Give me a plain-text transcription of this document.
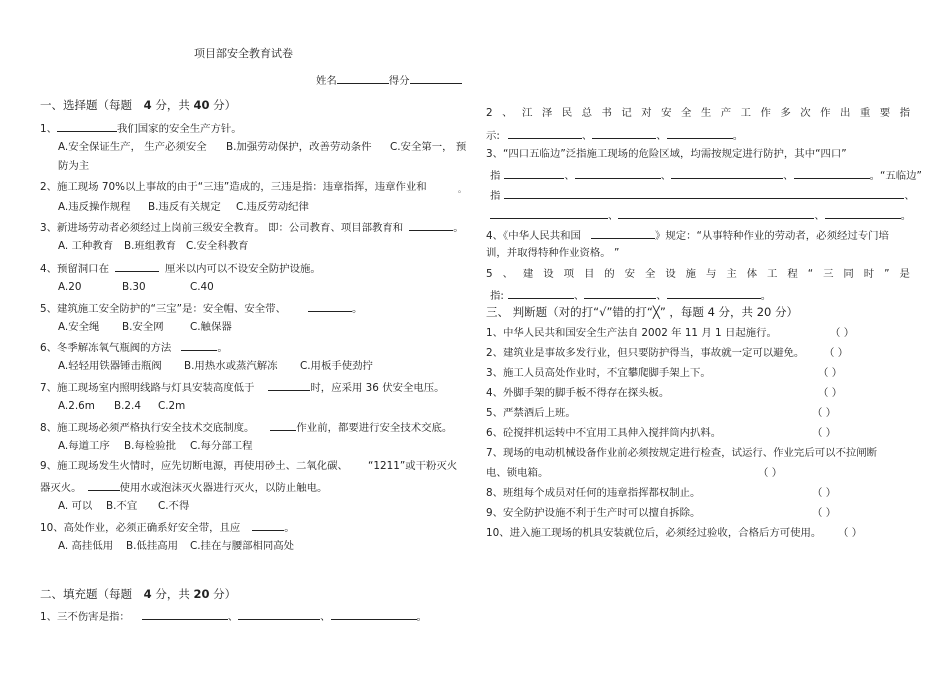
项目部安全教育试卷
姓名	得分
一、选择题（每题 4 分，共 40 分）
1、	我们国家的安全生产方针。
A.安全保证生产， 生产必须安全 B.加强劳动保护，改善劳动条件 C.安全第一， 预
防为主
2、施工现场 70%以上事故的由于“三违”造成的，三违是指：违章指挥，违章作业和	。
A.违反操作规程 B.违反有关规定 C.违反劳动纪律
3、新进场劳动者必须经过上岗前三级安全教育。 即：公司教育、项目部教育和	。
A. 工种教育 B.班组教育 C.安全科教育
4、预留洞口在	厘米以内可以不设安全防护设施。
A.20	B.30	C.40
5、建筑施工安全防护的“三宝”是：安全帽、安全带、	。
A.安全绳 B.安全网	C.触保器
6、冬季解冻氧气瓶阀的方法	。
A.轻轻用铁器锤击瓶阀 B.用热水或蒸汽解冻 C.用板手使劲拧
7、施工现场室内照明线路与灯具安装高度低于	时，应采用 36 伏安全电压。
A.2.6m B.2.4 C.2m
8、施工现场必须严格执行安全技术交底制度。	作业前，都要进行安全技术交底。
A.每道工序 B.每检验批 C.每分部工程
9、施工现场发生火情时，应先切断电源，再使用砂土、二氧化碳、 “1211”或干粉灭火
器灭火。	使用水或泡沫灭火器进行灭火，以防止触电。
A. 可以 B.不宜 C.不得
10、高处作业，必须正确系好安全带，且应	。
A. 高挂低用 B.低挂高用 C.挂在与腰部相同高处
二、填充题（每题 4 分，共 20 分）
1、三不伤害是指：	、	、	。
2 、 江 泽 民 总 书 记 对 安 全 生 产 工 作 多 次 作 出 重 要 指
示:	、	、	。
3、“四口五临边”泛指施工现场的危险区域，均需按规定进行防护，其中“四口”
指	、	、	、	。“五临边”
指	、
、	、	。
4、《中华人民共和国	》规定：“从事特种作业的劳动者，必须经过专门培
训，并取得特种作业资格。 ”
5 、 建 设 项 目 的 安 全 设 施 与 主 体 工 程 “ 三 同 时 ” 是
指:	、	、	。
三、 判断题（对的打“√”错的打“╳” ，每题 4 分，共 20 分）
1、中华人民共和国安全生产法自 2002 年 11 月 1 日起施行。	（ ）
2、建筑业是事故多发行业，但只要防护得当，事故就一定可以避免。 （ ）
3、施工人员高处作业时，不宜攀爬脚手架上下。	（ ）
4、外脚手架的脚手板不得存在探头板。	（ ）
5、严禁酒后上班。	（ ）
6、砼搅拌机运转中不宜用工具伸入搅拌筒内扒料。	（ ）
7、现场的电动机械设备作业前必须按规定进行检查，试运行、作业完后可以不拉闸断
电、锁电箱。	（ ）
8、班组每个成员对任何的违章指挥都权制止。	（ ）
9、安全防护设施不利于生产时可以擅自拆除。	（ ）
10、进入施工现场的机具安装就位后，必须经过验收，合格后方可使用。 （ ）
